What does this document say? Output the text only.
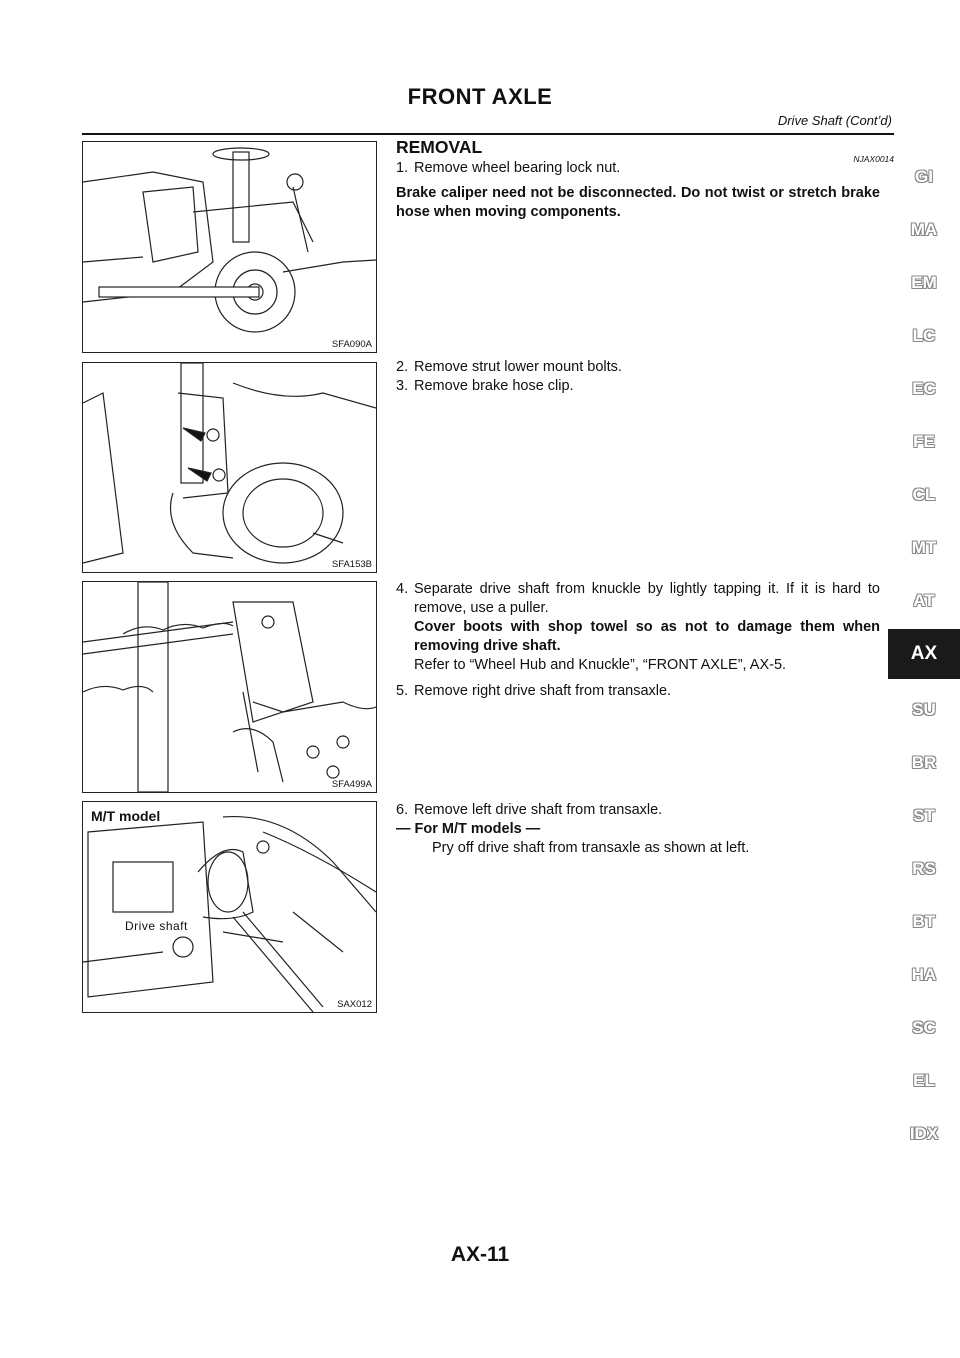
FRONT AXLE
Drive Shaft (Cont’d)
SFA090A
SFA153B
SFA499A
M/T model
Drive shaft
SAX012
NJAX0014
REMOVAL

1. Remove wheel bearing lock nut.

Brake caliper need not be disconnected. Do not twist or stretch brake hose when moving components.

2. Remove strut lower mount bolts.

3. Remove brake hose clip.

4. Separate drive shaft from knuckle by lightly tapping it. If it is hard to remove, use a puller.
Cover boots with shop towel so as not to damage them when removing drive shaft.
Refer to “Wheel Hub and Knuckle”, “FRONT AXLE”, AX-5.

5. Remove right drive shaft from transaxle.

6. Remove left drive shaft from transaxle.

— For M/T models —
Pry off drive shaft from transaxle as shown at left.
GI
MA
EM
LC
EC
FE
CL
MT
AT
AX
SU
BR
ST
RS
BT
HA
SC
EL
IDX
AX-11
